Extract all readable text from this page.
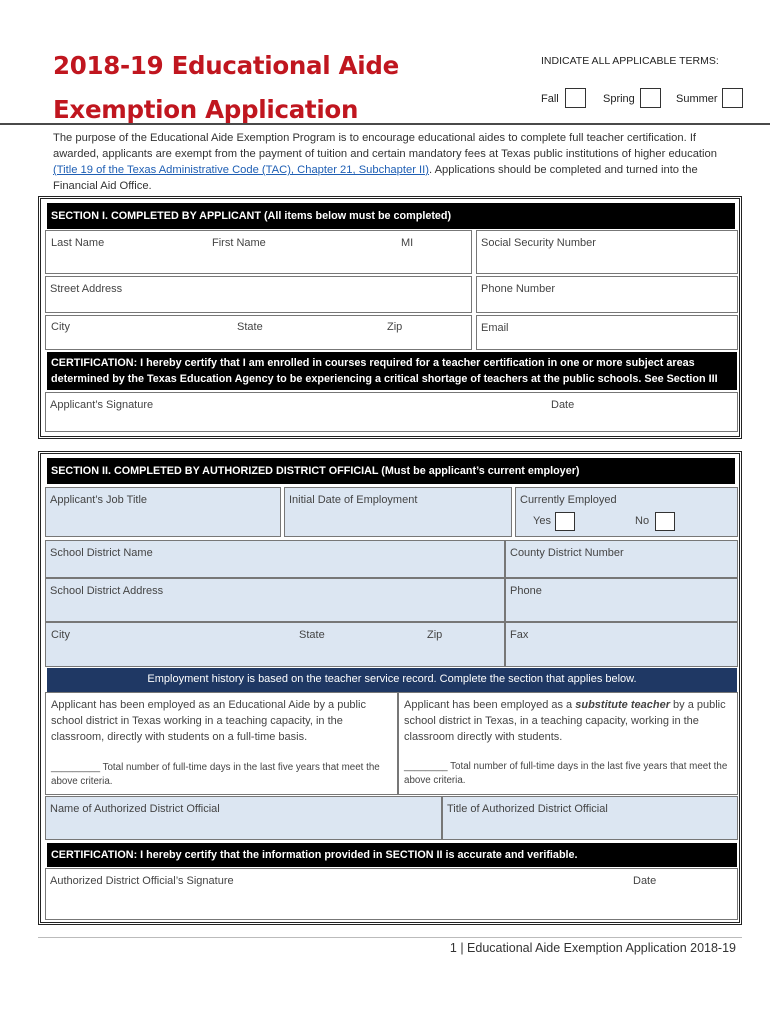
2018-19 Educational Aide Exemption Application
INDICATE ALL APPLICABLE TERMS:
Fall	Spring	Summer
The purpose of the Educational Aide Exemption Program is to encourage educational aides to complete full teacher certification. If awarded, applicants are exempt from the payment of tuition and certain mandatory fees at Texas public institutions of higher education (Title 19 of the Texas Administrative Code (TAC), Chapter 21, Subchapter II). Applications should be completed and turned into the Financial Aid Office.
SECTION I. COMPLETED BY APPLICANT (All items below must be completed)
Last Name	First Name	MI	Social Security Number
Street Address	Phone Number
City	State	Zip	Email
CERTIFICATION: I hereby certify that I am enrolled in courses required for a teacher certification in one or more subject areas determined by the Texas Education Agency to be experiencing a critical shortage of teachers at the public schools. See Section III
Applicant’s Signature	Date
SECTION II. COMPLETED BY AUTHORIZED DISTRICT OFFICIAL (Must be applicant’s current employer)
Applicant’s Job Title	Initial Date of Employment	Currently Employed
Yes	No
School District Name	County District Number
School District Address	Phone
City	State	Zip	Fax
Employment history is based on the teacher service record. Complete the section that applies below.
Applicant has been employed as an Educational Aide by a public school district in Texas working in a teaching capacity, in the classroom, directly with students on a full-time basis.
_________ Total number of full-time days in the last five years that meet the above criteria.
Applicant has been employed as a substitute teacher by a public school district in Texas, in a teaching capacity, working in the classroom directly with students.
________ Total number of full-time days in the last five years that meet the above criteria.
Name of Authorized District Official	Title of Authorized District Official
CERTIFICATION: I hereby certify that the information provided in SECTION II is accurate and verifiable.
Authorized District Official’s Signature	Date
1 | Educational Aide Exemption Application 2018-19
